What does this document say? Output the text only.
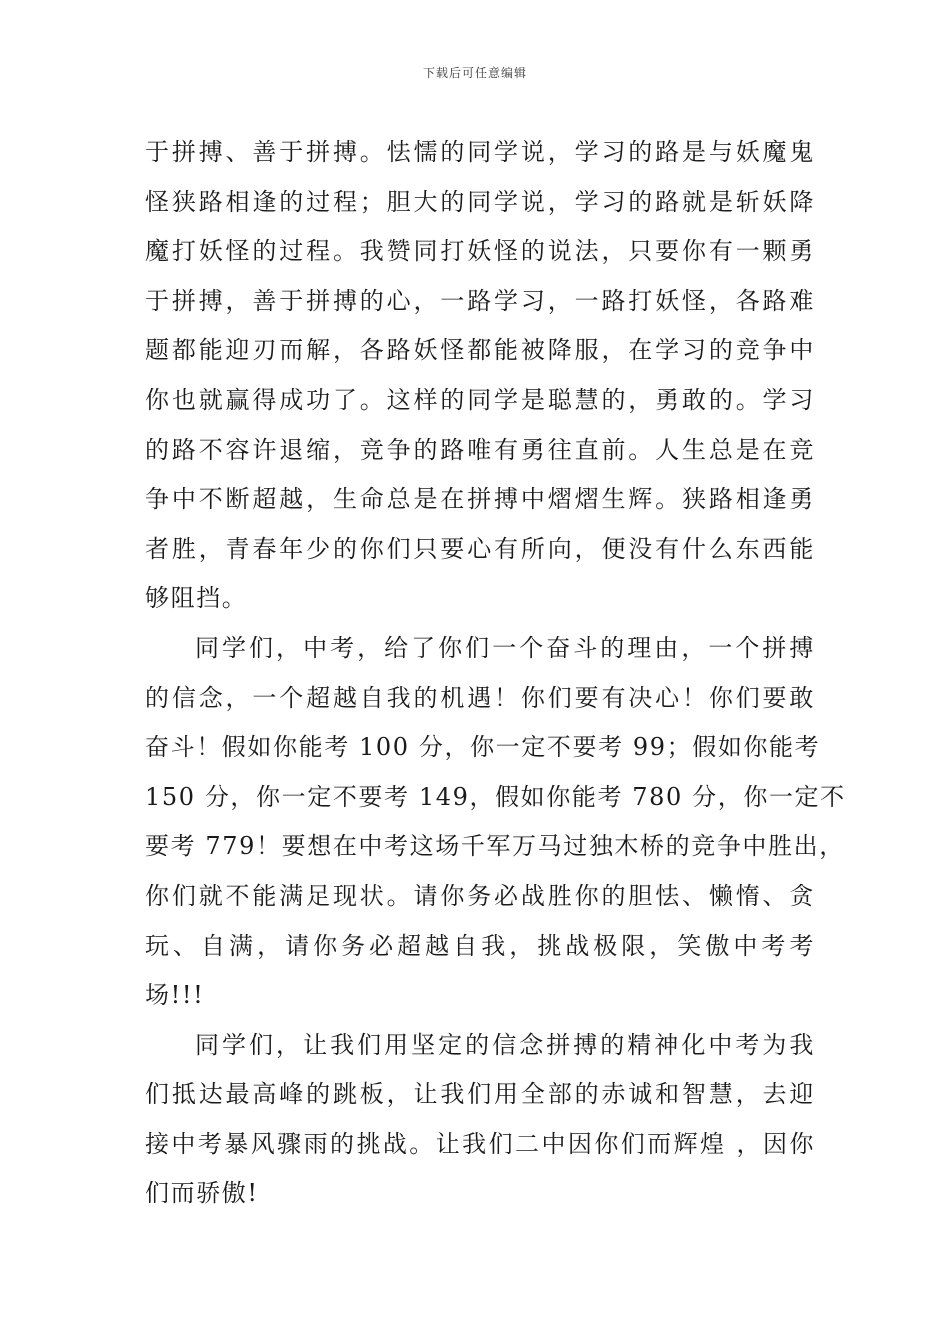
下载后可任意编辑
于拼搏、善于拼搏。怯懦的同学说，学习的路是与妖魔鬼
怪狭路相逢的过程；胆大的同学说，学习的路就是斩妖降
魔打妖怪的过程。我赞同打妖怪的说法，只要你有一颗勇
于拼搏，善于拼搏的心，一路学习，一路打妖怪，各路难
题都能迎刃而解，各路妖怪都能被降服，在学习的竞争中
你也就赢得成功了。这样的同学是聪慧的，勇敢的。学习
的路不容许退缩，竞争的路唯有勇往直前。人生总是在竞
争中不断超越，生命总是在拼搏中熠熠生辉。狭路相逢勇
者胜，青春年少的你们只要心有所向，便没有什么东西能
够阻挡。
同学们，中考，给了你们一个奋斗的理由，一个拼搏
的信念，一个超越自我的机遇！你们要有决心！你们要敢
奋斗！假如你能考 100 分，你一定不要考 99；假如你能考
150 分，你一定不要考 149，假如你能考 780 分，你一定不
要考 779！要想在中考这场千军万马过独木桥的竞争中胜出，
你们就不能满足现状。请你务必战胜你的胆怯、懒惰、贪
玩、自满，请你务必超越自我，挑战极限，笑傲中考考
场!!!
同学们，让我们用坚定的信念拼搏的精神化中考为我
们抵达最高峰的跳板，让我们用全部的赤诚和智慧，去迎
接中考暴风骤雨的挑战。让我们二中因你们而辉煌 ，因你
们而骄傲!
